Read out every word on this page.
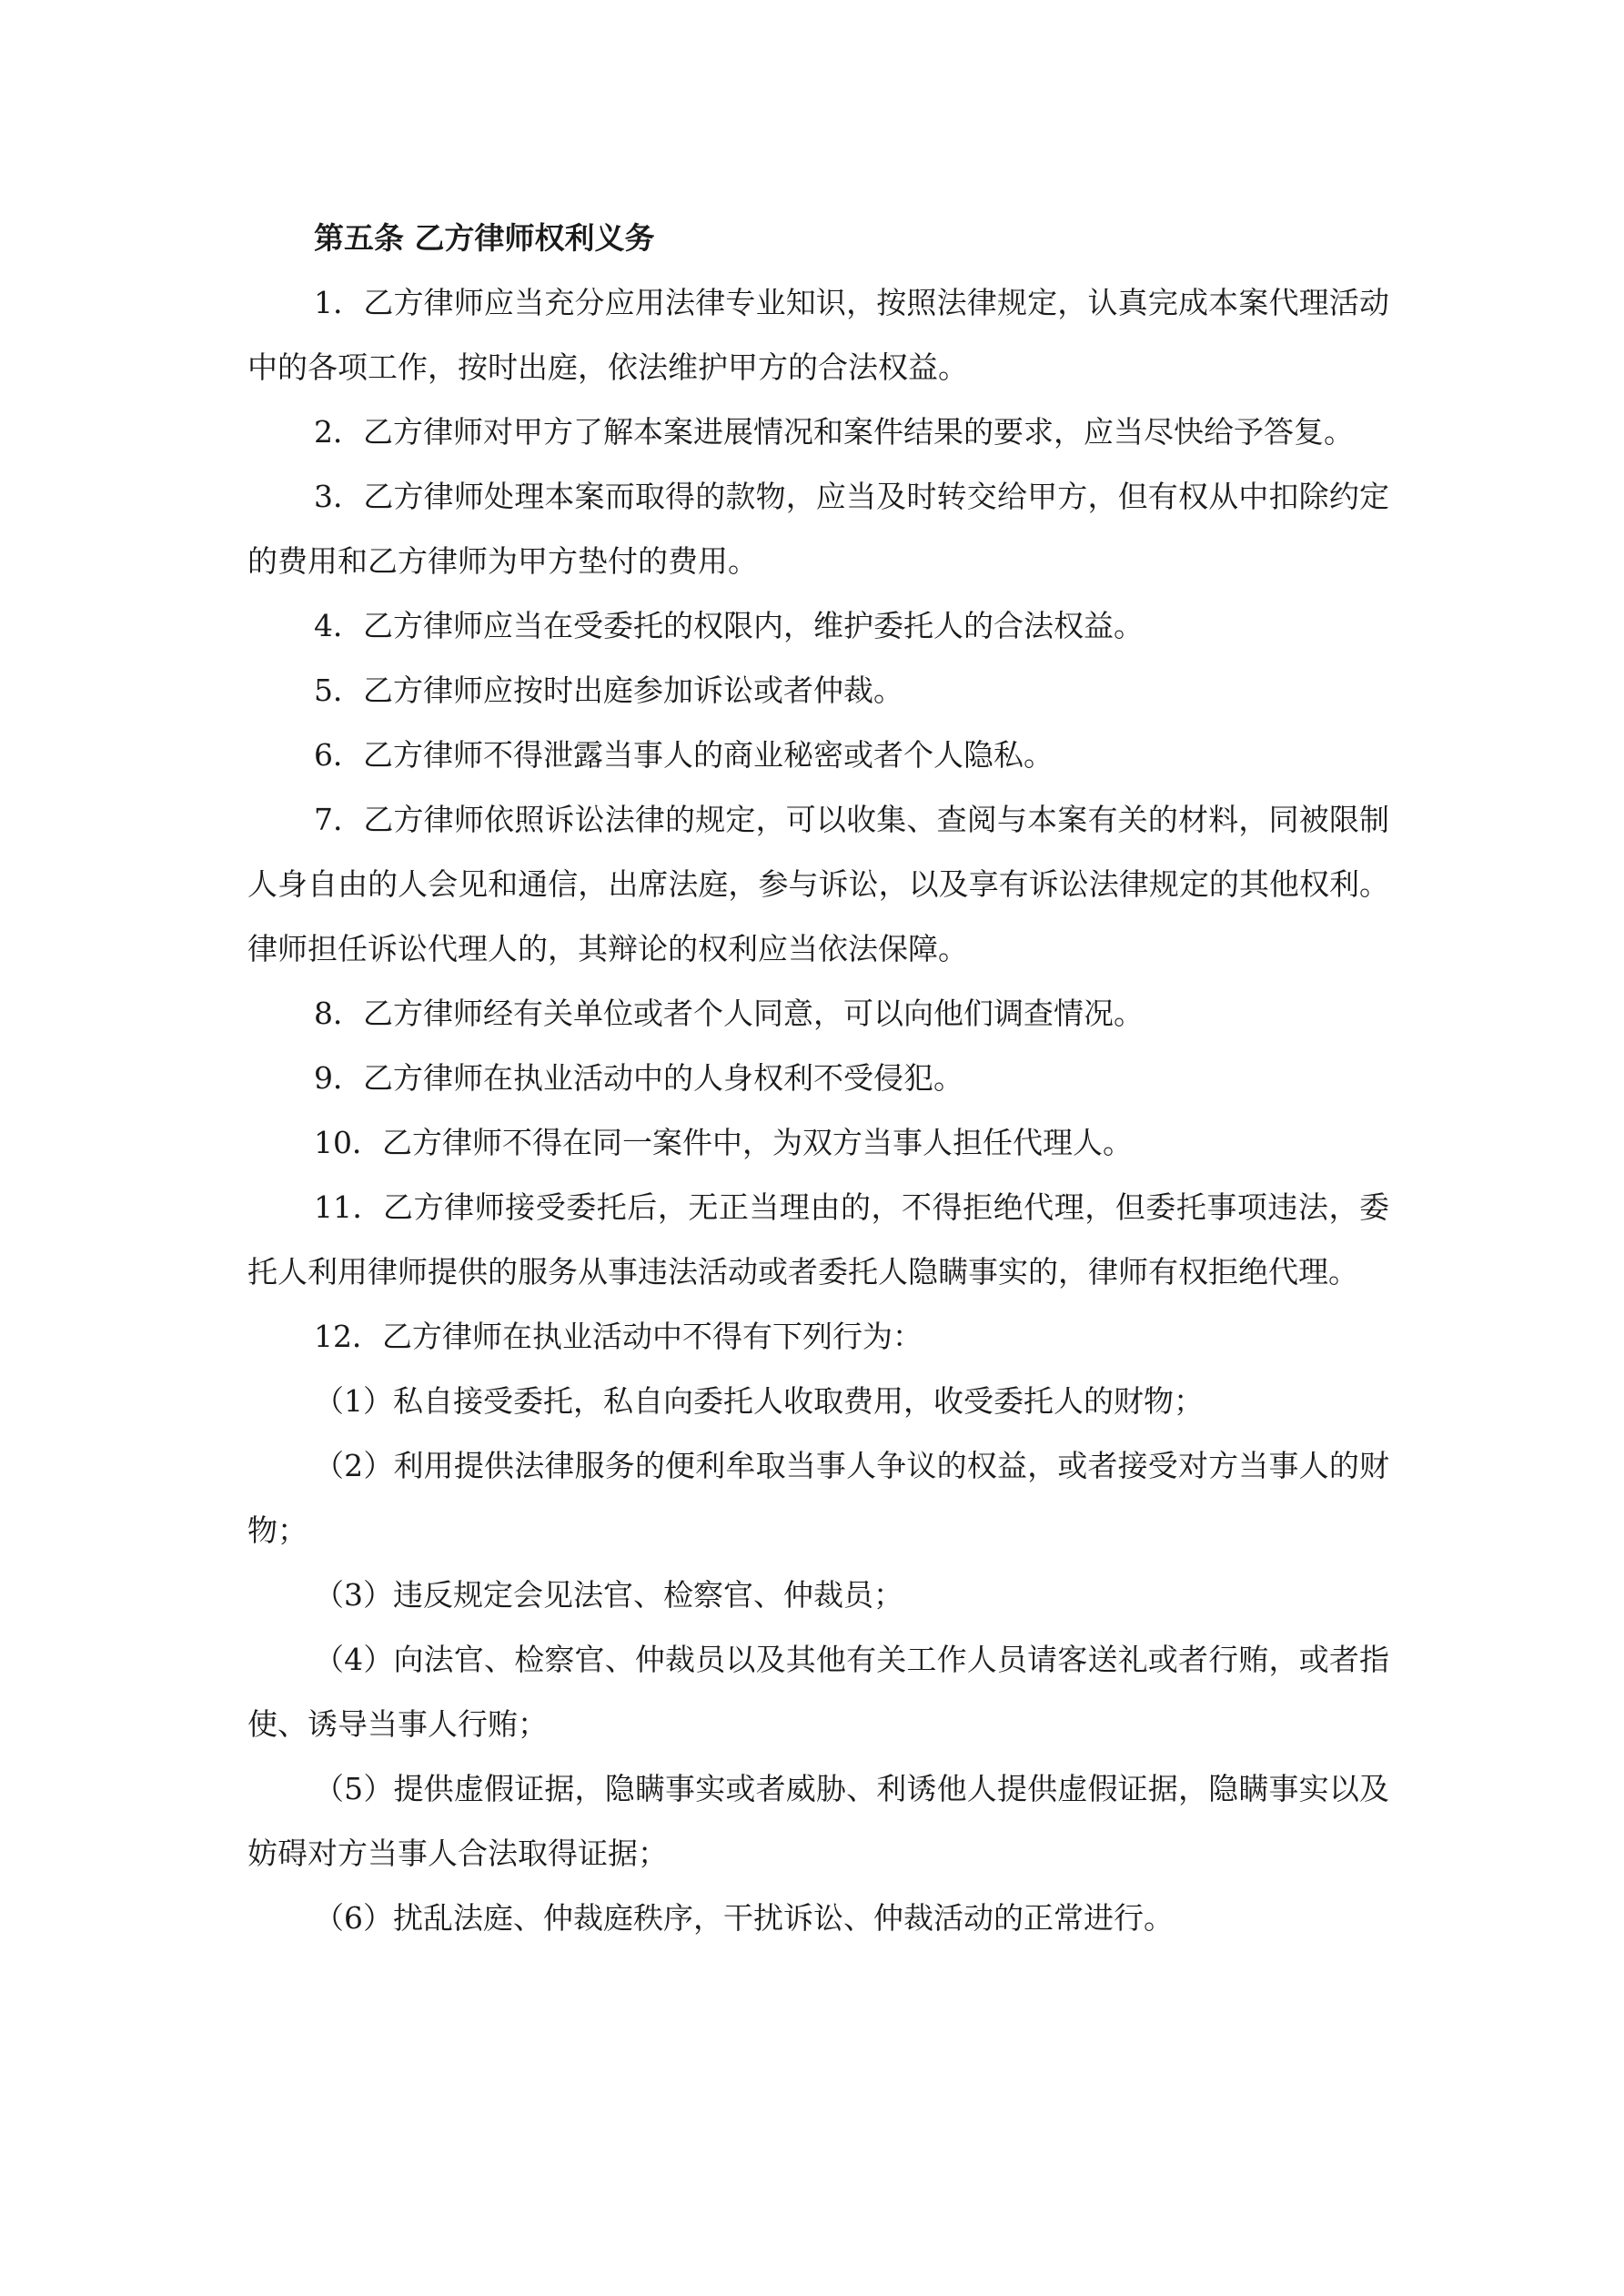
第五条 乙方律师权利义务

1．乙方律师应当充分应用法律专业知识，按照法律规定，认真完成本案代理活动中的各项工作，按时出庭，依法维护甲方的合法权益。

2．乙方律师对甲方了解本案进展情况和案件结果的要求，应当尽快给予答复。

3．乙方律师处理本案而取得的款物，应当及时转交给甲方，但有权从中扣除约定的费用和乙方律师为甲方垫付的费用。

4．乙方律师应当在受委托的权限内，维护委托人的合法权益。

5．乙方律师应按时出庭参加诉讼或者仲裁。

6．乙方律师不得泄露当事人的商业秘密或者个人隐私。

7．乙方律师依照诉讼法律的规定，可以收集、查阅与本案有关的材料，同被限制人身自由的人会见和通信，出席法庭，参与诉讼，以及享有诉讼法律规定的其他权利。律师担任诉讼代理人的，其辩论的权利应当依法保障。

8．乙方律师经有关单位或者个人同意，可以向他们调查情况。

9．乙方律师在执业活动中的人身权利不受侵犯。

10．乙方律师不得在同一案件中，为双方当事人担任代理人。

11．乙方律师接受委托后，无正当理由的，不得拒绝代理，但委托事项违法，委托人利用律师提供的服务从事违法活动或者委托人隐瞒事实的，律师有权拒绝代理。

12．乙方律师在执业活动中不得有下列行为：

（1）私自接受委托，私自向委托人收取费用，收受委托人的财物；

（2）利用提供法律服务的便利牟取当事人争议的权益，或者接受对方当事人的财物；

（3）违反规定会见法官、检察官、仲裁员；

（4）向法官、检察官、仲裁员以及其他有关工作人员请客送礼或者行贿，或者指使、诱导当事人行贿；

（5）提供虚假证据，隐瞒事实或者威胁、利诱他人提供虚假证据，隐瞒事实以及妨碍对方当事人合法取得证据；

（6）扰乱法庭、仲裁庭秩序，干扰诉讼、仲裁活动的正常进行。
